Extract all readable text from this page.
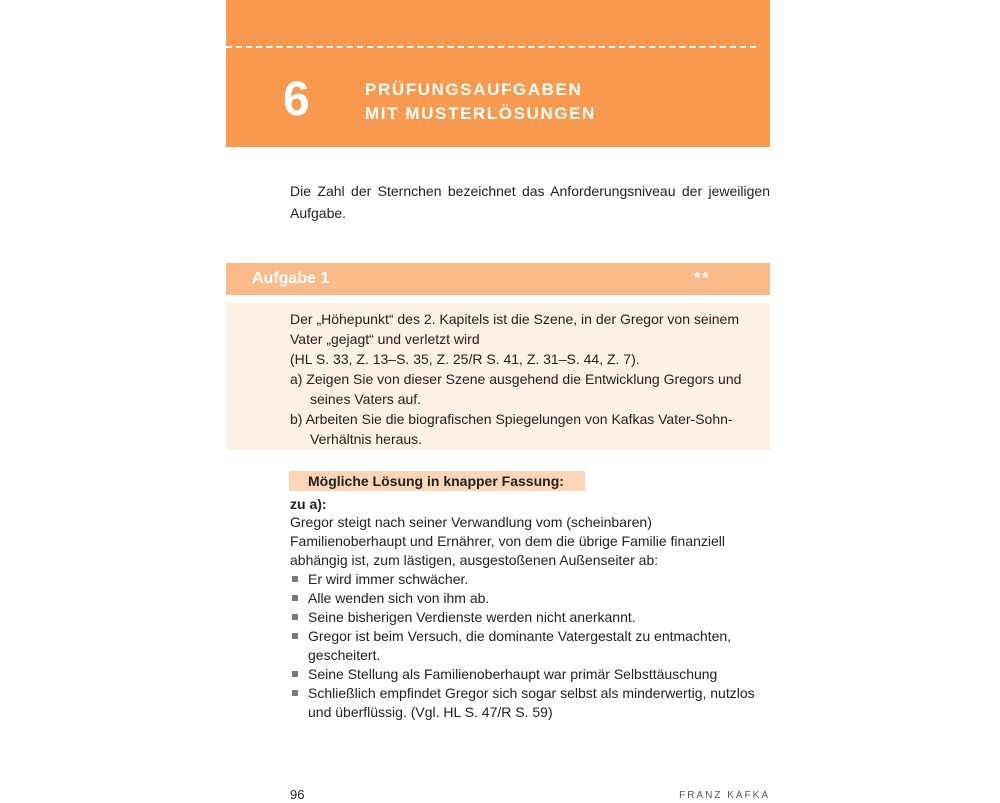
6	PRÜFUNGSAUFGABEN
MIT MUSTERLÖSUNGEN
Die Zahl der Sternchen bezeichnet das Anforderungsniveau der jeweiligen Aufgabe.
Aufgabe 1	**

Der „Höhepunkt“ des 2. Kapitels ist die Szene, in der Gregor von seinem Vater „gejagt“ und verletzt wird

(HL S. 33, Z. 13–S. 35, Z. 25/R S. 41, Z. 31–S. 44, Z. 7).

a) Zeigen Sie von dieser Szene ausgehend die Entwicklung Gregors und seines Vaters auf.

b) Arbeiten Sie die biografischen Spiegelungen von Kafkas Vater-Sohn-Verhältnis heraus.

Mögliche Lösung in knapper Fassung:
zu a):

Gregor steigt nach seiner Verwandlung vom (scheinbaren) Familienoberhaupt und Ernährer, von dem die übrige Familie finanziell abhängig ist, zum lästigen, ausgestoßenen Außenseiter ab:

Er wird immer schwächer.
Alle wenden sich von ihm ab.
Seine bisherigen Verdienste werden nicht anerkannt.
Gregor ist beim Versuch, die dominante Vatergestalt zu entmachten, gescheitert.
Seine Stellung als Familienoberhaupt war primär Selbsttäuschung
Schließlich empfindet Gregor sich sogar selbst als minderwertig, nutzlos und überflüssig. (Vgl. HL S. 47/R S. 59)
96	FRANZ KAFKA
